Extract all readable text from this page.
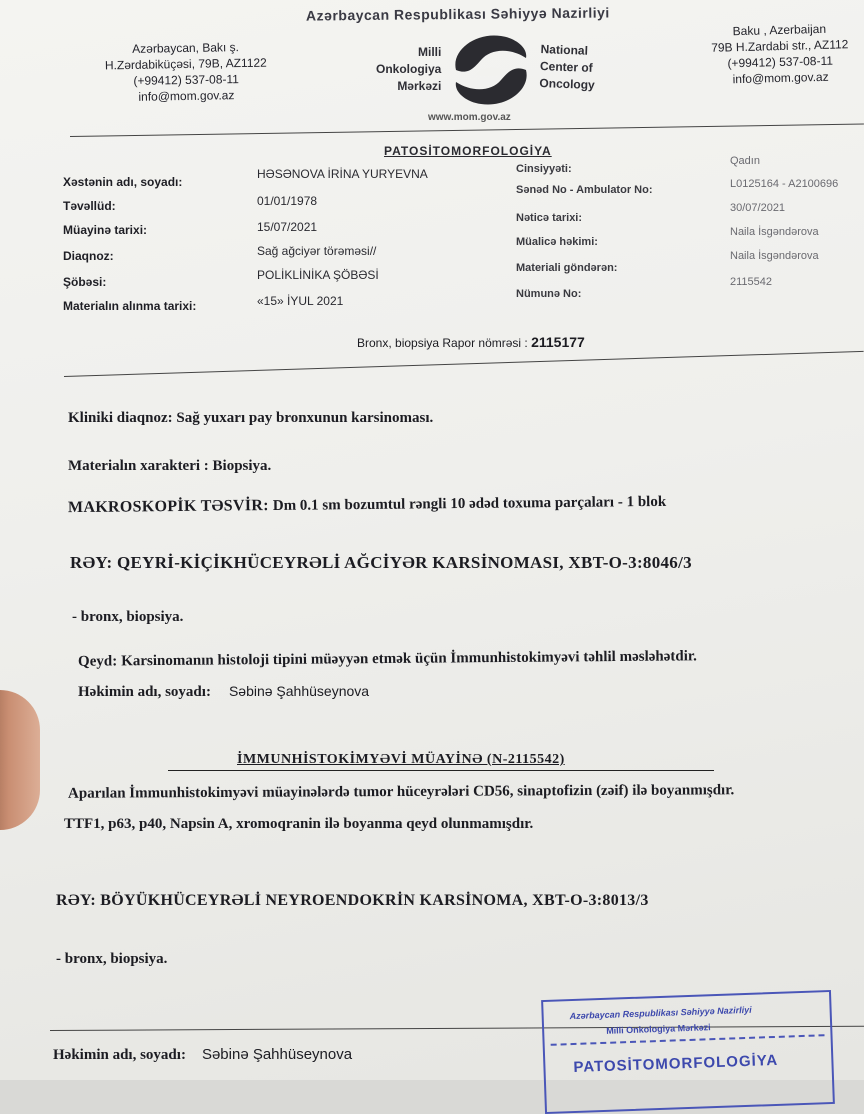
Azərbaycan Respublikası Səhiyyə Nazirliyi
Azərbaycan, Bakı ş.
H.Zərdabiküçəsi, 79B, AZ1122
(+99412) 537-08-11
info@mom.gov.az
Milli
Onkologiya
Mərkəzi
National
Center of
Oncology
Baku , Azerbaijan
79B H.Zardabi str., AZ112
(+99412) 537-08-11
info@mom.gov.az
www.mom.gov.az
PATOSİTOMORFOLOGİYA
Xəstənin adı, soyadı:
HƏSƏNOVA İRİNA YURYEVNA
Təvəllüd:	01/01/1978
Müayinə tarixi:	15/07/2021
Diaqnoz:	Sağ ağciyər törəməsi//
Şöbəsi:	POLİKLİNİKA ŞÖBƏSİ
Materialın alınma tarixi:	«15» İYUL 2021
Cinsiyyəti:
Qadın
Sənəd No - Ambulator No:	L0125164 - A2100696
Nəticə tarixi:
30/07/2021
Müalicə həkimi:
Naila İsgəndərova
Materiali göndərən:
Naila İsgəndərova
Nümunə No:
2115542
Bronx, biopsiya Rapor nömrəsi : 2115177
Kliniki diaqnoz: Sağ yuxarı pay bronxunun karsinoması.
Materialın xarakteri : Biopsiya.
MAKROSKOPİK TƏSVİR: Dm 0.1 sm bozumtul rəngli 10 ədəd toxuma parçaları - 1 blok
RƏY: QEYRİ-KİÇİKHÜCEYRƏLİ AĞCİYƏR KARSİNOMASI, XBT-O-3:8046/3
- bronx, biopsiya.
Qeyd: Karsinomanın histoloji tipini müəyyən etmək üçün İmmunhistokimyəvi təhlil məsləhətdir.
Həkimin adı, soyadı: Səbinə Şahhüseynova
İMMUNHİSTOKİMYƏVİ MÜAYİNƏ (N-2115542)
Aparılan İmmunhistokimyəvi müayinələrdə tumor hüceyrələri CD56, sinaptofizin (zəif) ilə boyanmışdır.
TTF1, p63, p40, Napsin A, xromoqranin ilə boyanma qeyd olunmamışdır.
RƏY: BÖYÜKHÜCEYRƏLİ NEYROENDOKRİN KARSİNOMA, XBT-O-3:8013/3
- bronx, biopsiya.
Həkimin adı, soyadı: Səbinə Şahhüseynova
Azərbaycan Respublikası Səhiyyə Nazirliyi
Milli Onkologiya Mərkəzi
PATOSİTOMORFOLOGİYA
